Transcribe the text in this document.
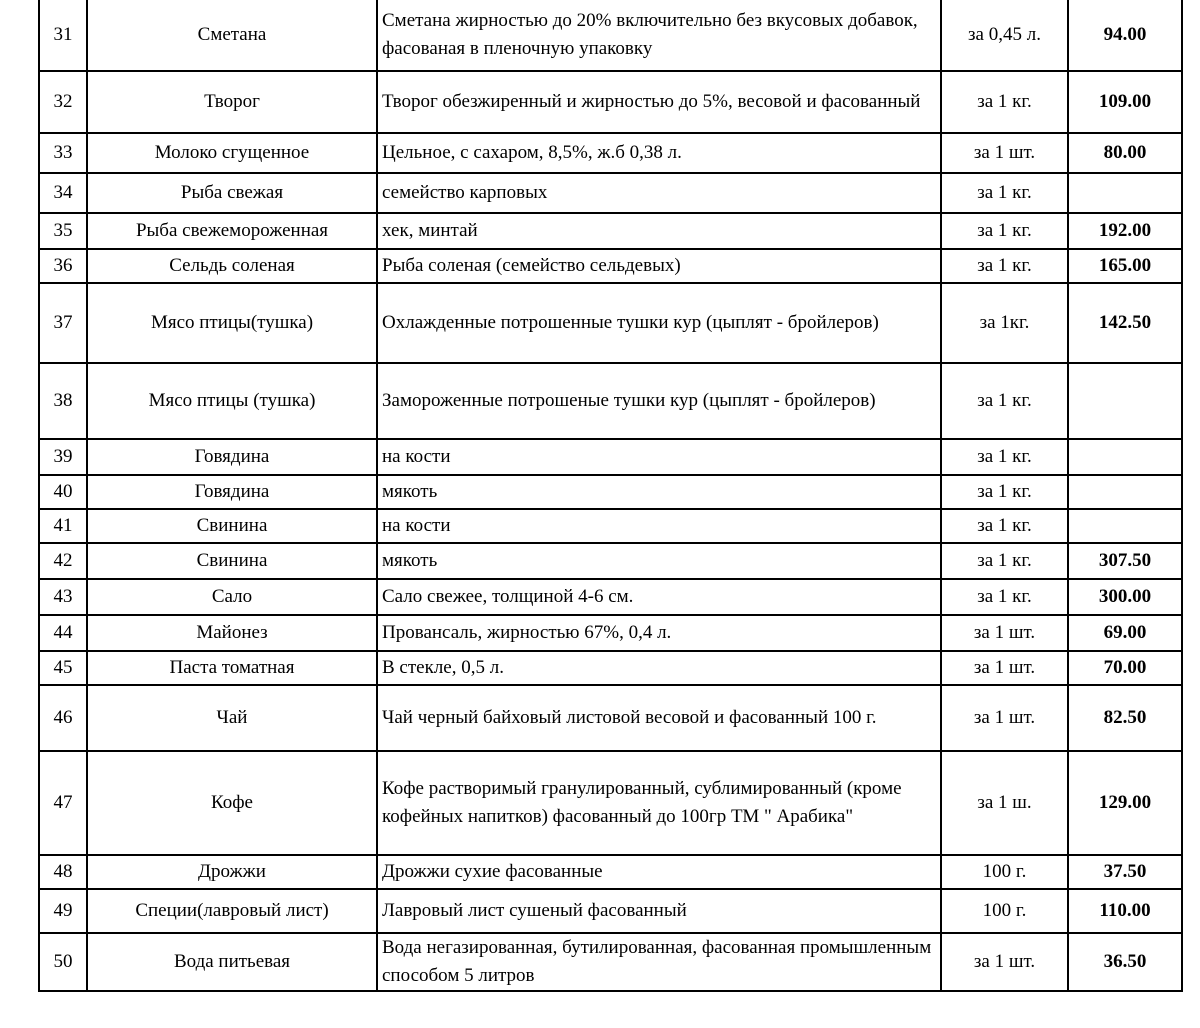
31	Сметана	Сметана жирностью до 20% включительно без вкусовых добавок, фасованая в пленочную упаковку	за 0,45 л.	94.00
32	Творог	Творог обезжиренный и жирностью до 5%, весовой и фасованный	за 1 кг.	109.00
33	Молоко сгущенное	Цельное, с сахаром, 8,5%, ж.б 0,38 л.	за 1 шт.	80.00
34	Рыба свежая	семейство карповых	за 1 кг.	
35	Рыба свежемороженная	хек, минтай	за 1 кг.	192.00
36	Сельдь соленая	Рыба соленая (семейство сельдевых)	за 1 кг.	165.00
37	Мясо птицы(тушка)	Охлажденные потрошенные тушки кур (цыплят - бройлеров)	за 1кг.	142.50
38	Мясо птицы (тушка)	Замороженные потрошеные тушки кур (цыплят - бройлеров)	за 1 кг.	
39	Говядина	на кости	за 1 кг.	
40	Говядина	мякоть	за 1 кг.	
41	Свинина	на кости	за 1 кг.	
42	Свинина	мякоть	за 1 кг.	307.50
43	Сало	Сало свежее, толщиной 4-6 см.	за 1 кг.	300.00
44	Майонез	Провансаль, жирностью 67%, 0,4 л.	за 1 шт.	69.00
45	Паста томатная	В стекле, 0,5 л.	за 1 шт.	70.00
46	Чай	Чай черный байховый листовой весовой и фасованный 100 г.	за 1 шт.	82.50
47	Кофе	Кофе растворимый гранулированный, сублимированный (кроме кофейных напитков) фасованный до 100гр ТМ " Арабика"	за 1 ш.	129.00
48	Дрожжи	Дрожжи сухие фасованные	100 г.	37.50
49	Специи(лавровый лист)	Лавровый лист сушеный фасованный	100 г.	110.00
50	Вода питьевая	Вода негазированная, бутилированная, фасованная промышленным способом 5 литров	за 1 шт.	36.50
